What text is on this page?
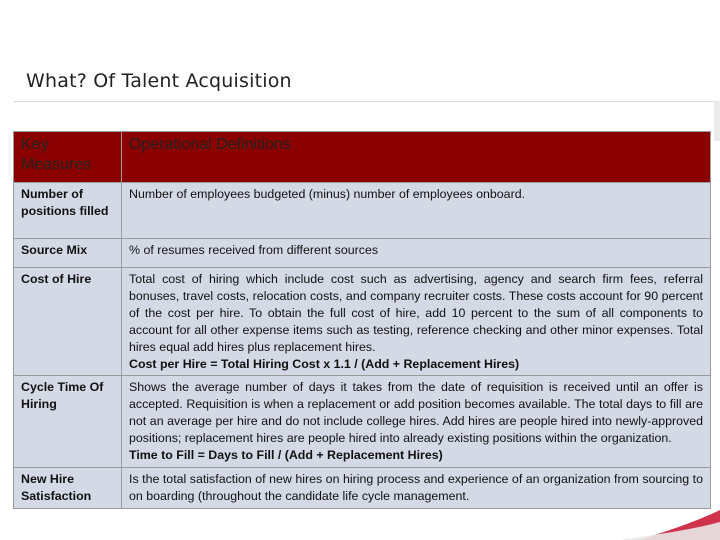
What? Of Talent Acquisition
Key Measures	Operational Definitions
Number of positions filled	Number of employees budgeted (minus) number of employees onboard.
Source Mix	% of resumes received from different sources
Cost of Hire	Total cost of hiring which include cost such as advertising, agency and search firm fees, referral bonuses, travel costs, relocation costs, and company recruiter costs. These costs account for 90 percent of the cost per hire. To obtain the full cost of hire, add 10 percent to the sum of all components to account for all other expense items such as testing, reference checking and other minor expenses. Total hires equal add hires plus replacement hires.
Cost per Hire = Total Hiring Cost x 1.1 / (Add + Replacement Hires)

Cycle Time Of Hiring	Shows the average number of days it takes from the date of requisition is received until an offer is accepted. Requisition is when a replacement or add position becomes available. The total days to fill are not an average per hire and do not include college hires. Add hires are people hired into newly-approved positions; replacement hires are people hired into already existing positions within the organization.
Time to Fill = Days to Fill / (Add + Replacement Hires)

New Hire Satisfaction	Is the total satisfaction of new hires on hiring process and experience of an organization from sourcing to on boarding (throughout the candidate life cycle management.
